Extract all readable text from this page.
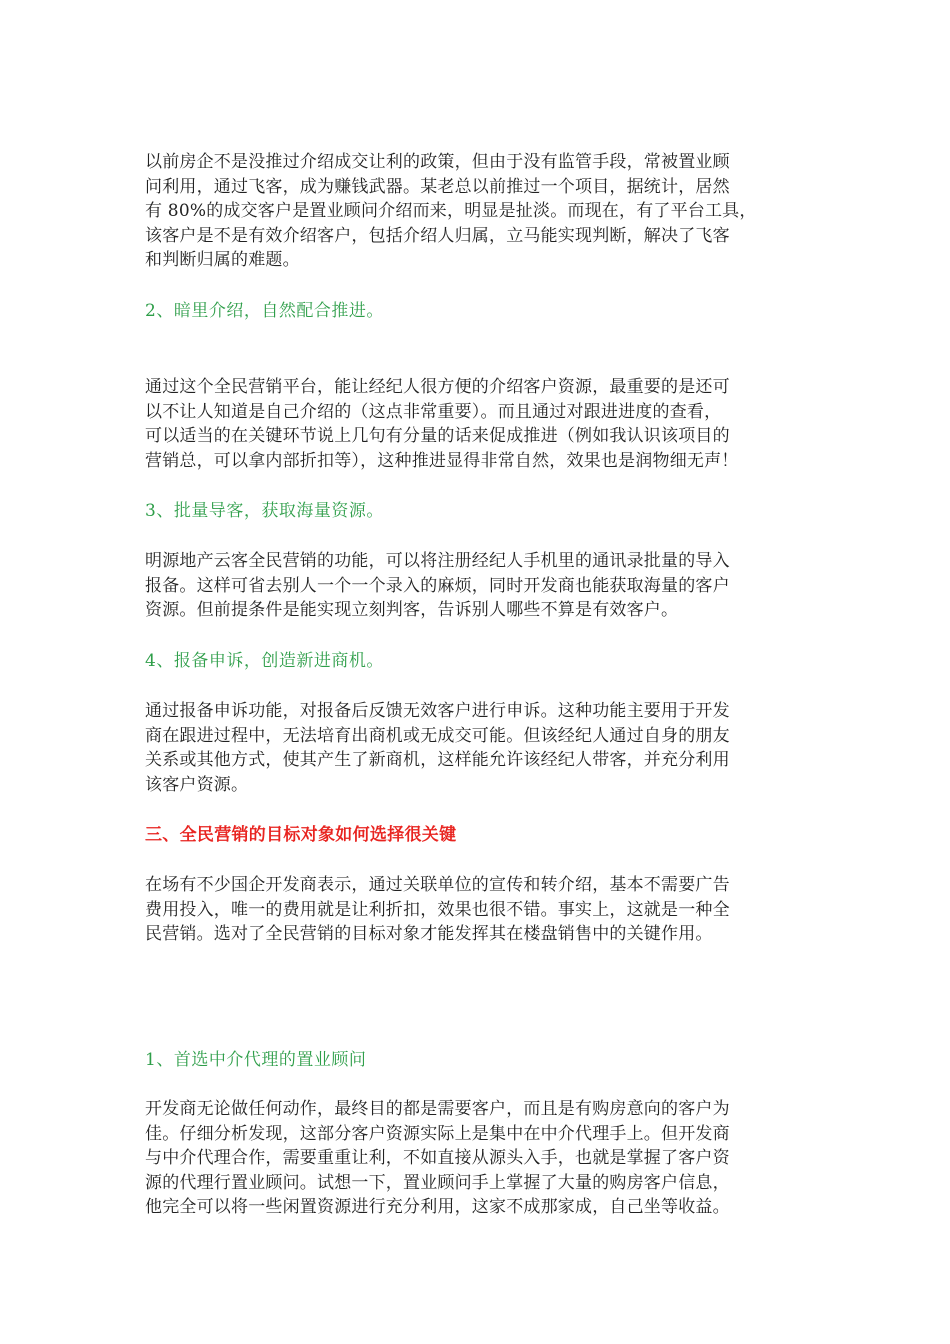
以前房企不是没推过介绍成交让利的政策，但由于没有监管手段，常被置业顾
问利用，通过飞客，成为赚钱武器。某老总以前推过一个项目，据统计，居然
有 80%的成交客户是置业顾问介绍而来，明显是扯淡。而现在，有了平台工具，
该客户是不是有效介绍客户，包括介绍人归属，立马能实现判断，解决了飞客
和判断归属的难题。
2、暗里介绍，自然配合推进。
通过这个全民营销平台，能让经纪人很方便的介绍客户资源，最重要的是还可
以不让人知道是自己介绍的（这点非常重要）。而且通过对跟进进度的查看，
可以适当的在关键环节说上几句有分量的话来促成推进（例如我认识该项目的
营销总，可以拿内部折扣等），这种推进显得非常自然，效果也是润物细无声！
3、批量导客，获取海量资源。
明源地产云客全民营销的功能，可以将注册经纪人手机里的通讯录批量的导入
报备。这样可省去别人一个一个录入的麻烦，同时开发商也能获取海量的客户
资源。但前提条件是能实现立刻判客，告诉别人哪些不算是有效客户。
4、报备申诉，创造新进商机。
通过报备申诉功能，对报备后反馈无效客户进行申诉。这种功能主要用于开发
商在跟进过程中，无法培育出商机或无成交可能。但该经纪人通过自身的朋友
关系或其他方式，使其产生了新商机，这样能允许该经纪人带客，并充分利用
该客户资源。
三、全民营销的目标对象如何选择很关键
在场有不少国企开发商表示，通过关联单位的宣传和转介绍，基本不需要广告
费用投入，唯一的费用就是让利折扣，效果也很不错。事实上，这就是一种全
民营销。选对了全民营销的目标对象才能发挥其在楼盘销售中的关键作用。
1、首选中介代理的置业顾问
开发商无论做任何动作，最终目的都是需要客户，而且是有购房意向的客户为
佳。仔细分析发现，这部分客户资源实际上是集中在中介代理手上。但开发商
与中介代理合作，需要重重让利，不如直接从源头入手，也就是掌握了客户资
源的代理行置业顾问。试想一下，置业顾问手上掌握了大量的购房客户信息，
他完全可以将一些闲置资源进行充分利用，这家不成那家成，自己坐等收益。
